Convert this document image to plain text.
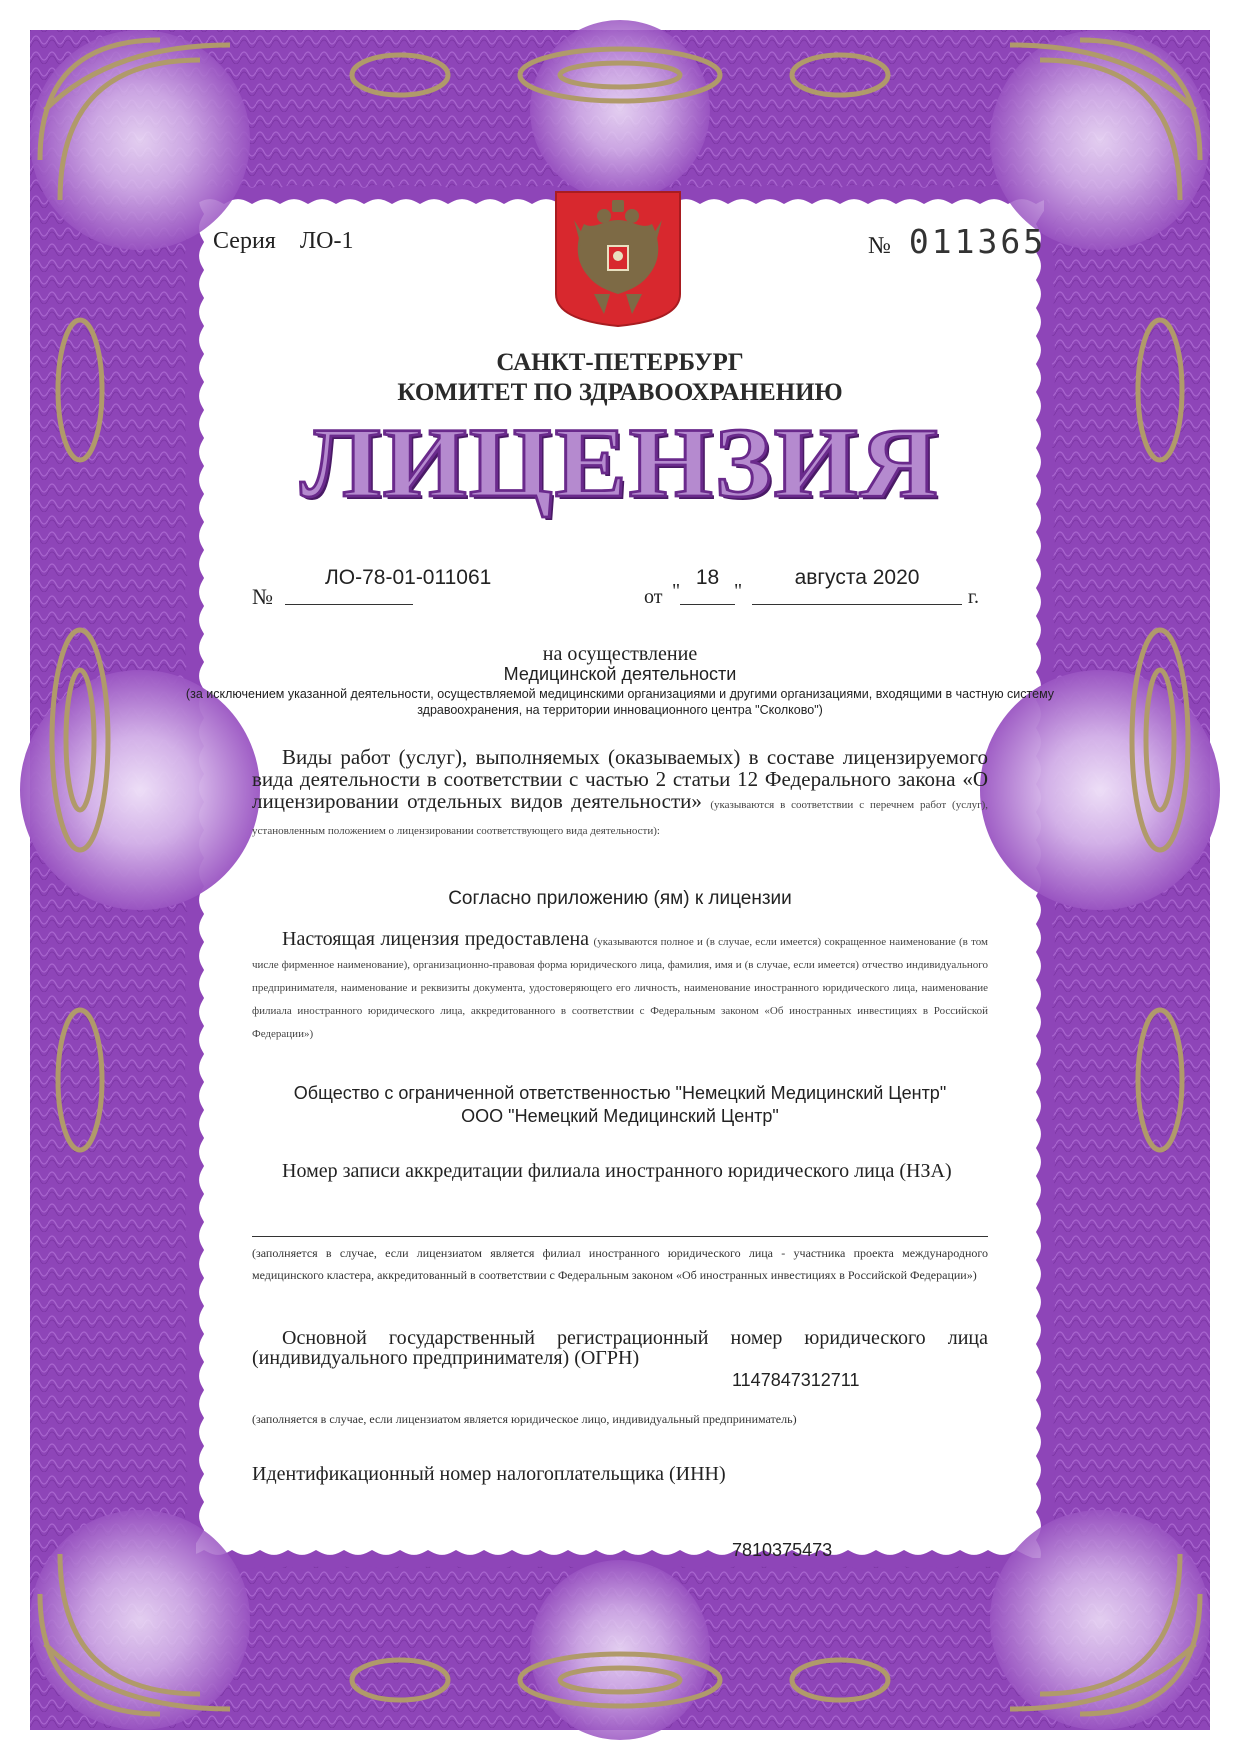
Серия ЛО-1	№ 011365
САНКТ-ПЕТЕРБУРГ
КОМИТЕТ ПО ЗДРАВООХРАНЕНИЮ
ЛИЦЕНЗИЯ
№
ЛО-78-01-011061
от "
18
"
августа 2020
г.
на осуществление
Медицинской деятельности
(за исключением указанной деятельности, осуществляемой медицинскими организациями и другими организациями, входящими в частную систему здравоохранения, на территории инновационного центра "Сколково")
Виды работ (услуг), выполняемых (оказываемых) в составе лицензируемого вида деятельности в соответствии с частью 2 статьи 12 Федерального закона «О лицензировании отдельных видов деятельности» (указываются в соответствии с перечнем работ (услуг), установленным положением о лицензировании соответствующего вида деятельности):
Согласно приложению (ям) к лицензии
Настоящая лицензия предоставлена (указываются полное и (в случае, если имеется) сокращенное наименование (в том числе фирменное наименование), организационно-правовая форма юридического лица, фамилия, имя и (в случае, если имеется) отчество индивидуального предпринимателя, наименование и реквизиты документа, удостоверяющего его личность, наименование иностранного юридического лица, наименование филиала иностранного юридического лица, аккредитованного в соответствии с Федеральным законом «Об иностранных инвестициях в Российской Федерации»)
Общество с ограниченной ответственностью "Немецкий Медицинский Центр"
ООО "Немецкий Медицинский Центр"
Номер записи аккредитации филиала иностранного юридического лица (НЗА)
(заполняется в случае, если лицензиатом является филиал иностранного юридического лица - участника проекта международного медицинского кластера, аккредитованный в соответствии с Федеральным законом «Об иностранных инвестициях в Российской Федерации»)
Основной государственный регистрационный номер юридического лица (индивидуального предпринимателя) (ОГРН)
1147847312711
(заполняется в случае, если лицензиатом является юридическое лицо, индивидуальный предприниматель)
Идентификационный номер налогоплательщика (ИНН)
7810375473
